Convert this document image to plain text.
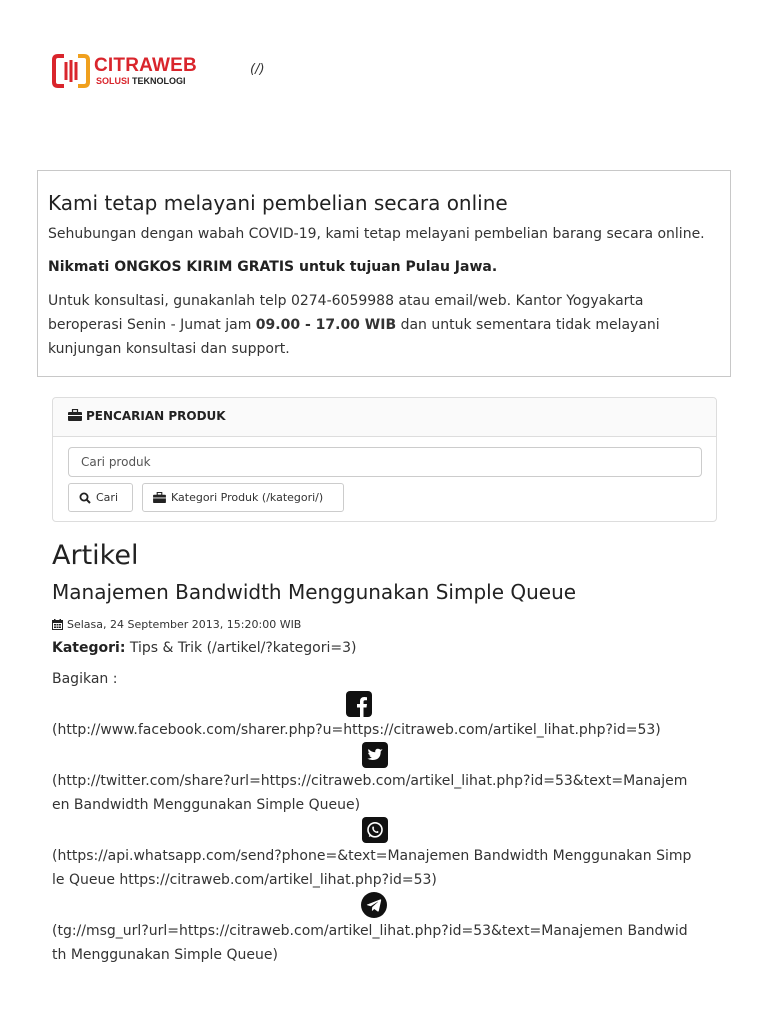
CITRAWEB
SOLUSI TEKNOLOGI
(/)
Kami tetap melayani pembelian secara online
Sehubungan dengan wabah COVID-19, kami tetap melayani pembelian barang secara online.
Nikmati ONGKOS KIRIM GRATIS untuk tujuan Pulau Jawa.
Untuk konsultasi, gunakanlah telp 0274-6059988 atau email/web. Kantor Yogyakarta beroperasi Senin - Jumat jam 09.00 - 17.00 WIB dan untuk sementara tidak melayani kunjungan konsultasi dan support.
PENCARIAN PRODUK
Cari produk
Cari	Kategori Produk (/kategori/)
Artikel
Manajemen Bandwidth Menggunakan Simple Queue
Selasa, 24 September 2013, 15:20:00 WIB
Kategori: Tips & Trik (/artikel/?kategori=3)
Bagikan :
(http://www.facebook.com/sharer.php?u=https://citraweb.com/artikel_lihat.php?id=53)
(http://twitter.com/share?url=https://citraweb.com/artikel_lihat.php?id=53&text=Manajemen Bandwidth Menggunakan Simple Queue)
(https://api.whatsapp.com/send?phone=&text=Manajemen Bandwidth Menggunakan Simple Queue https://citraweb.com/artikel_lihat.php?id=53)
(tg://msg_url?url=https://citraweb.com/artikel_lihat.php?id=53&text=Manajemen Bandwidth Menggunakan Simple Queue)
